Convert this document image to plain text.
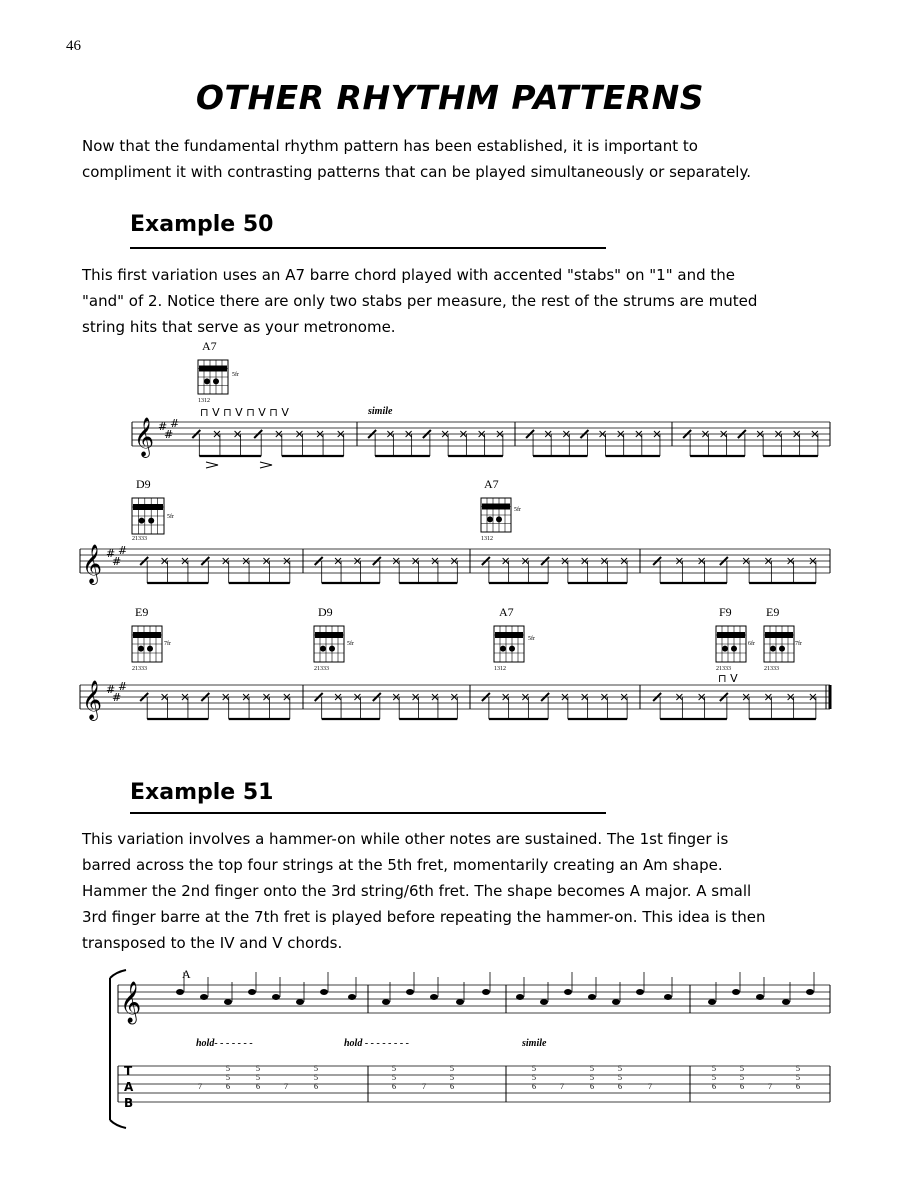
46
OTHER RHYTHM PATTERNS
Now that the fundamental rhythm pattern has been established, it is important to
compliment it with contrasting patterns that can be played simultaneously or separately.
Example 50
This first variation uses an A7 barre chord played with accented "stabs" on "1" and the
"and" of 2. Notice there are only two stabs per measure, the rest of the strums are muted
string hits that serve as your metronome.
Example 51
This variation involves a hammer-on while other notes are sustained. The 1st finger is
barred across the top four strings at the 5th fret, momentarily creating an Am shape.
Hammer the 2nd finger onto the 3rd string/6th fret. The shape becomes A major. A small
3rd finger barre at the 7th fret is played before repeating the hammer-on. This idea is then
transposed to the IV and V chords.
⊓ V ⊓ V ⊓ V ⊓ V	simile
⊓ V
A7
5fr
1312
D9
5fr
21333
A7
5fr
1312
E9
7fr
21333
D9
5fr
21333
A7
5fr
1312
F9
6fr
21333
E9
7fr
21333
A
hold- - - - - - -	hold - - - - - - - -	simile
T
A
B
𝄞 #
#
#
𝄞 #
#
#
𝄞 #
#
#
𝄞
7
5
5
6
5
5
6	7
5
5
6
5
5
6	7
5
5
6
5
5
6	7
5
5
6
5
5
6	7
5
5
6
5
5
6	7
5
5
6
